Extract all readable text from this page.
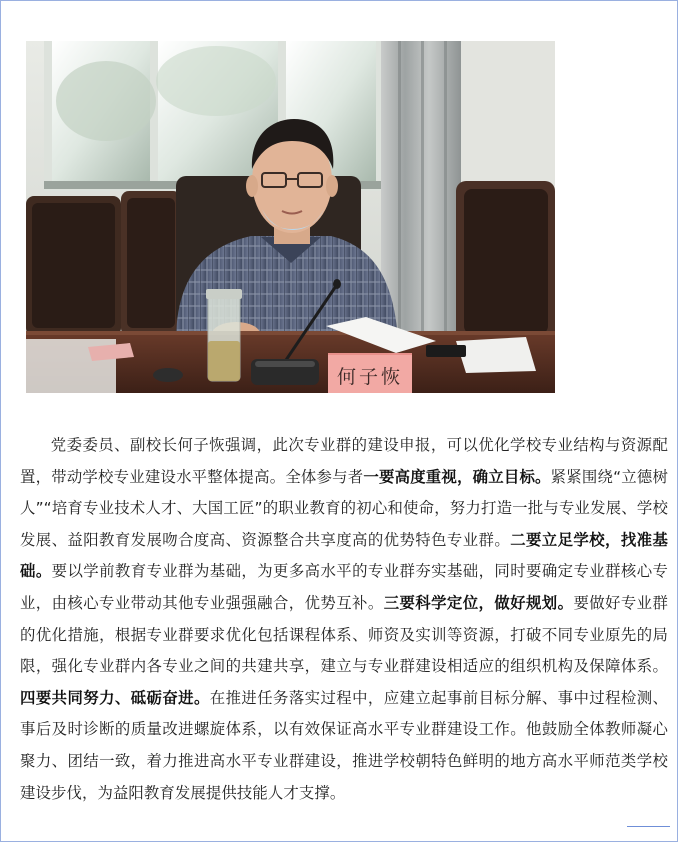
何子恢

党委委员、副校长何子恢强调，此次专业群的建设申报，可以优化学校专业结构与资源配置，带动学校专业建设水平整体提高。全体参与者一要高度重视，确立目标。紧紧围绕“立德树人”“培育专业技术人才、大国工匠”的职业教育的初心和使命，努力打造一批与专业发展、学校发展、益阳教育发展吻合度高、资源整合共享度高的优势特色专业群。二要立足学校，找准基础。要以学前教育专业群为基础，为更多高水平的专业群夯实基础，同时要确定专业群核心专业，由核心专业带动其他专业强强融合，优势互补。三要科学定位，做好规划。要做好专业群的优化措施，根据专业群要求优化包括课程体系、师资及实训等资源，打破不同专业原先的局限，强化专业群内各专业之间的共建共享，建立与专业群建设相适应的组织机构及保障体系。四要共同努力、砥砺奋进。在推进任务落实过程中，应建立起事前目标分解、事中过程检测、事后及时诊断的质量改进螺旋体系，以有效保证高水平专业群建设工作。他鼓励全体教师凝心聚力、团结一致，着力推进高水平专业群建设，推进学校朝特色鲜明的地方高水平师范类学校建设步伐，为益阳教育发展提供技能人才支撑。
